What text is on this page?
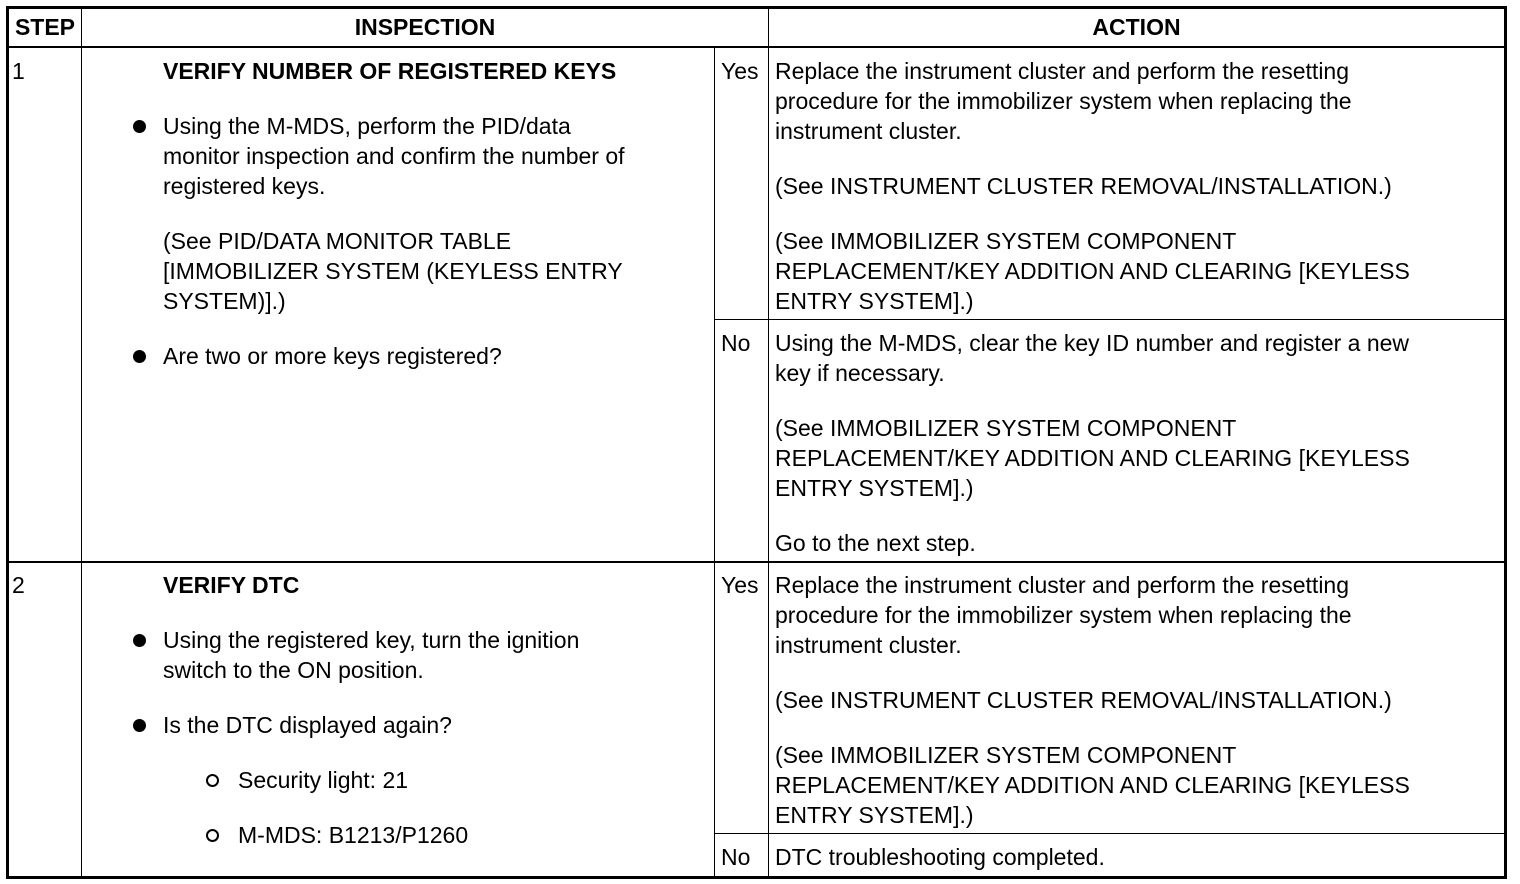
STEP	INSPECTION	ACTION
1	VERIFY NUMBER OF REGISTERED KEYS
Using the M-MDS, perform the PID/data
monitor inspection and confirm the number of
registered keys.
(See PID/DATA MONITOR TABLE
[IMMOBILIZER SYSTEM (KEYLESS ENTRY
SYSTEM)].)
Are two or more keys registered?
Yes Replace the instrument cluster and perform the resetting
procedure for the immobilizer system when replacing the
instrument cluster.
(See INSTRUMENT CLUSTER REMOVAL/INSTALLATION.)
(See IMMOBILIZER SYSTEM COMPONENT
REPLACEMENT/KEY ADDITION AND CLEARING [KEYLESS
ENTRY SYSTEM].)
No Using the M-MDS, clear the key ID number and register a new
key if necessary.
(See IMMOBILIZER SYSTEM COMPONENT
REPLACEMENT/KEY ADDITION AND CLEARING [KEYLESS
ENTRY SYSTEM].)
Go to the next step.
2	VERIFY DTC
Using the registered key, turn the ignition
switch to the ON position.
Is the DTC displayed again?
Security light: 21
M-MDS: B1213/P1260
Yes Replace the instrument cluster and perform the resetting
procedure for the immobilizer system when replacing the
instrument cluster.
(See INSTRUMENT CLUSTER REMOVAL/INSTALLATION.)
(See IMMOBILIZER SYSTEM COMPONENT
REPLACEMENT/KEY ADDITION AND CLEARING [KEYLESS
ENTRY SYSTEM].)
No DTC troubleshooting completed.
